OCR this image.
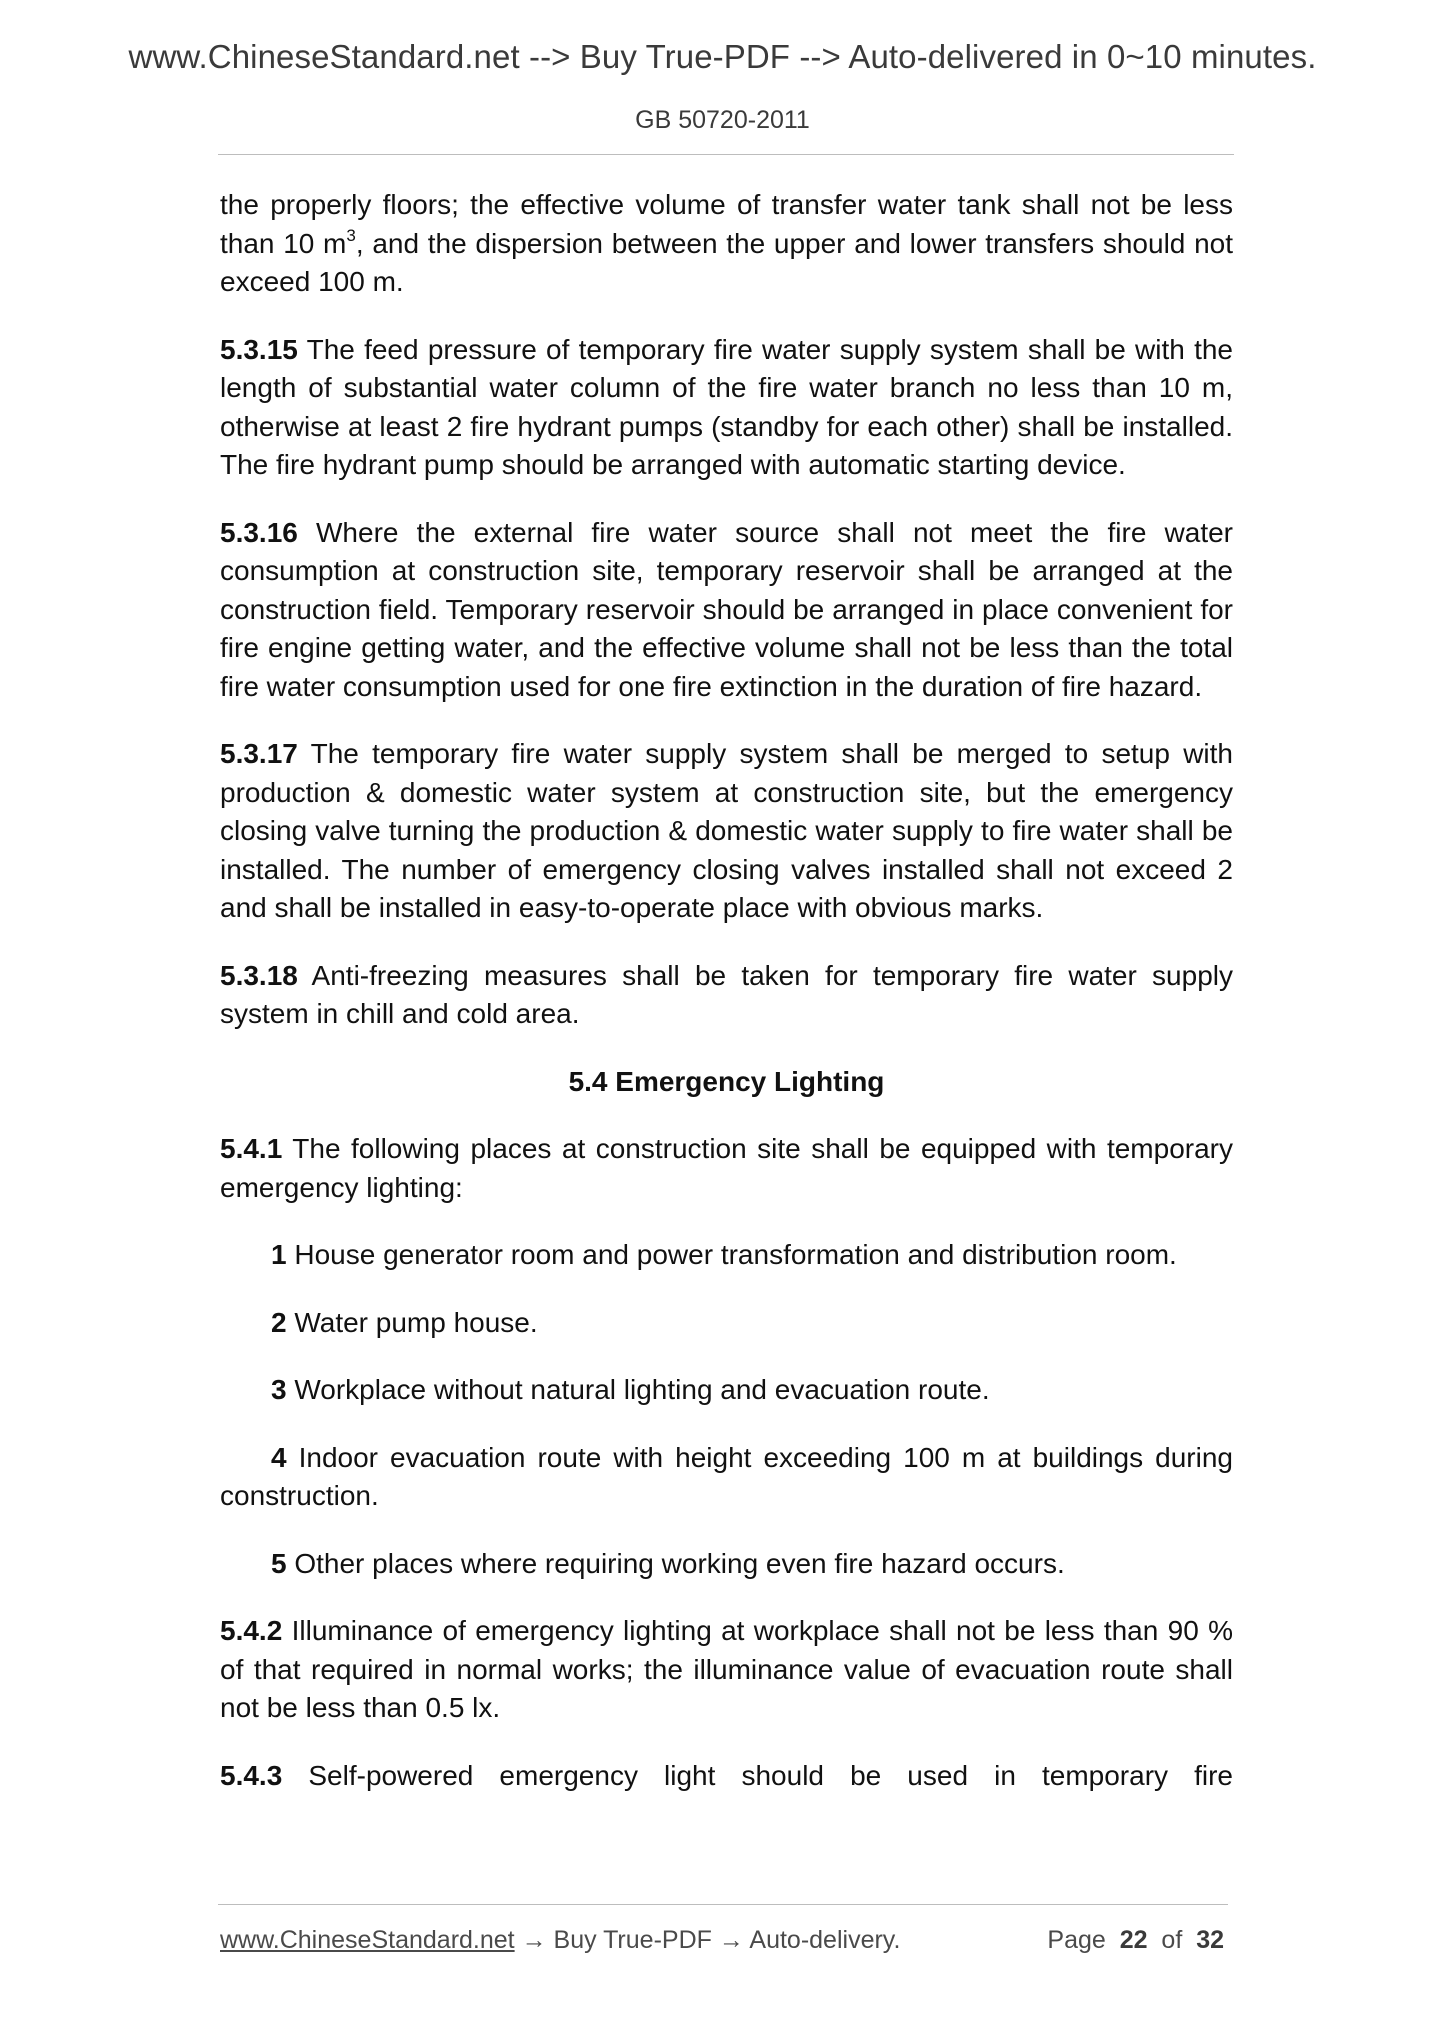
www.ChineseStandard.net --> Buy True-PDF --> Auto-delivered in 0~10 minutes.
GB 50720-2011

the properly floors; the effective volume of transfer water tank shall not be less than 10 $m^3$, and the dispersion between the upper and lower transfers should not exceed 100 m.

5.3.15 The feed pressure of temporary fire water supply system shall be with the length of substantial water column of the fire water branch no less than 10 m, otherwise at least 2 fire hydrant pumps (standby for each other) shall be installed. The fire hydrant pump should be arranged with automatic starting device.

5.3.16 Where the external fire water source shall not meet the fire water consumption at construction site, temporary reservoir shall be arranged at the construction field. Temporary reservoir should be arranged in place convenient for fire engine getting water, and the effective volume shall not be less than the total fire water consumption used for one fire extinction in the duration of fire hazard.

5.3.17 The temporary fire water supply system shall be merged to setup with production & domestic water system at construction site, but the emergency closing valve turning the production & domestic water supply to fire water shall be installed. The number of emergency closing valves installed shall not exceed 2 and shall be installed in easy-to-operate place with obvious marks.

5.3.18 Anti-freezing measures shall be taken for temporary fire water supply system in chill and cold area.

5.4 Emergency Lighting

5.4.1 The following places at construction site shall be equipped with temporary emergency lighting:

1 House generator room and power transformation and distribution room.

2 Water pump house.

3 Workplace without natural lighting and evacuation route.

4 Indoor evacuation route with height exceeding 100 m at buildings during construction.

5 Other places where requiring working even fire hazard occurs.

5.4.2 Illuminance of emergency lighting at workplace shall not be less than 90 % of that required in normal works; the illuminance value of evacuation route shall not be less than 0.5 lx.

5.4.3 Self-powered emergency light should be used in temporary fire

www.ChineseStandard.net → Buy True-PDF → Auto-delivery.	Page 22 of 32
